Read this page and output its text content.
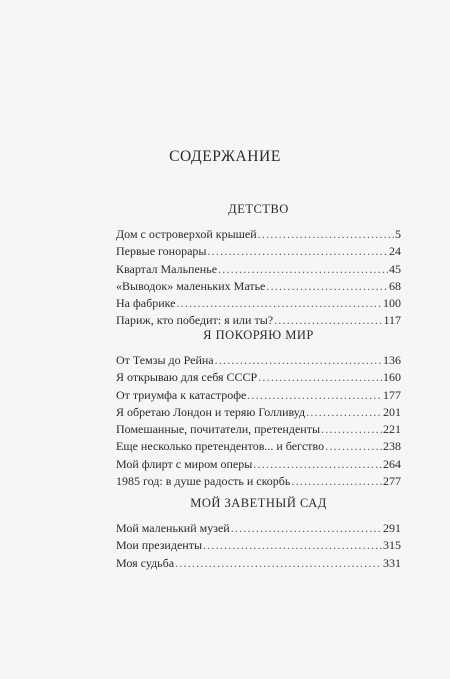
СОДЕРЖАНИЕ
ДЕТСТВО
Дом с островерхой крышей .....	5
Первые гонорары .....	24
Квартал Мальпенье .....	45
«Выводок» маленьких Матье .....	68
На фабрике .....	100
Париж, кто победит: я или ты? .....	117
Я ПОКОРЯЮ МИР
От Темзы до Рейна .....	136
Я открываю для себя СССР .....	160
От триумфа к катастрофе .....	177
Я обретаю Лондон и теряю Голливуд .....	201
Помешанные, почитатели, претенденты .....	221
Еще несколько претендентов... и бегство .....	238
Мой флирт с миром оперы .....	264
1985 год: в душе радость и скорбь .....	277
МОЙ ЗАВЕТНЫЙ САД
Мой маленький музей .....	291
Мои президенты .....	315
Моя судьба .....	331
